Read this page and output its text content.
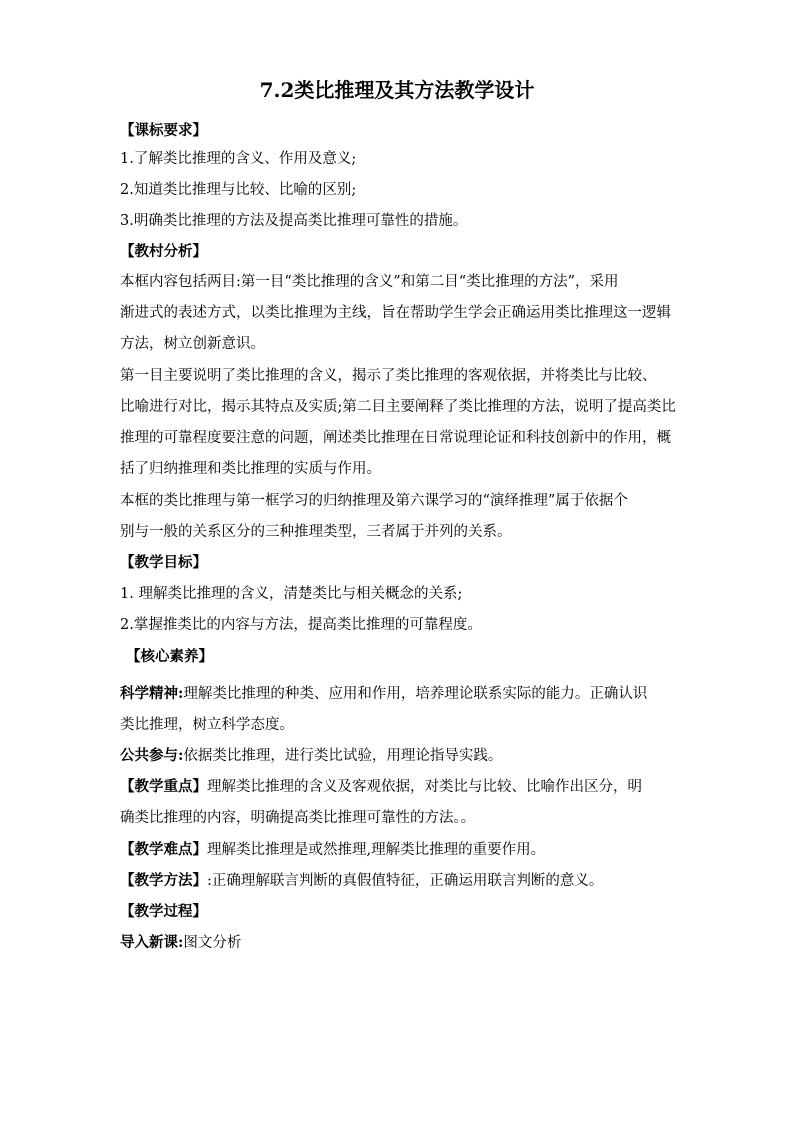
7.2类比推理及其方法教学设计
【课标要求】
1.了解类比推理的含义、作用及意义;
2.知道类比推理与比较、比喻的区别;
3.明确类比推理的方法及提高类比推理可靠性的措施。
【教村分析】
本框内容包括两目:第一目“类比推理的含义”和第二目“类比推理的方法”，采用
渐进式的表述方式，以类比推理为主线，旨在帮助学生学会正确运用类比推理这一逻辑
方法，树立创新意识。
第一目主要说明了类比推理的含义，揭示了类比推理的客观依据，并将类比与比较、
比喻进行对比，揭示其特点及实质;第二目主要阐释了类比推理的方法，说明了提高类比
推理的可靠程度要注意的问题，阐述类比推理在日常说理论证和科技创新中的作用，概
括了归纳推理和类比推理的实质与作用。
本框的类比推理与第一框学习的归纳推理及第六课学习的“演绎推理”属于依据个
别与一般的关系区分的三种推理类型，三者属于并列的关系。
【教学目标】
1. 理解类比推理的含义，清楚类比与相关概念的关系;
2.掌握推类比的内容与方法，提高类比推理的可靠程度。
【核心素养】
科学精神:理解类比推理的种类、应用和作用，培养理论联系实际的能力。正确认识
类比推理，树立科学态度。
公共参与:依据类比推理，进行类比试验，用理论指导实践。
【教学重点】理解类比推理的含义及客观依据，对类比与比较、比喻作出区分，明
确类比推理的内容，明确提高类比推理可靠性的方法。。
【教学难点】理解类比推理是或然推理,理解类比推理的重要作用。
【教学方法】:正确理解联言判断的真假值特征，正确运用联言判断的意义。
【教学过程】
导入新课:图文分析
